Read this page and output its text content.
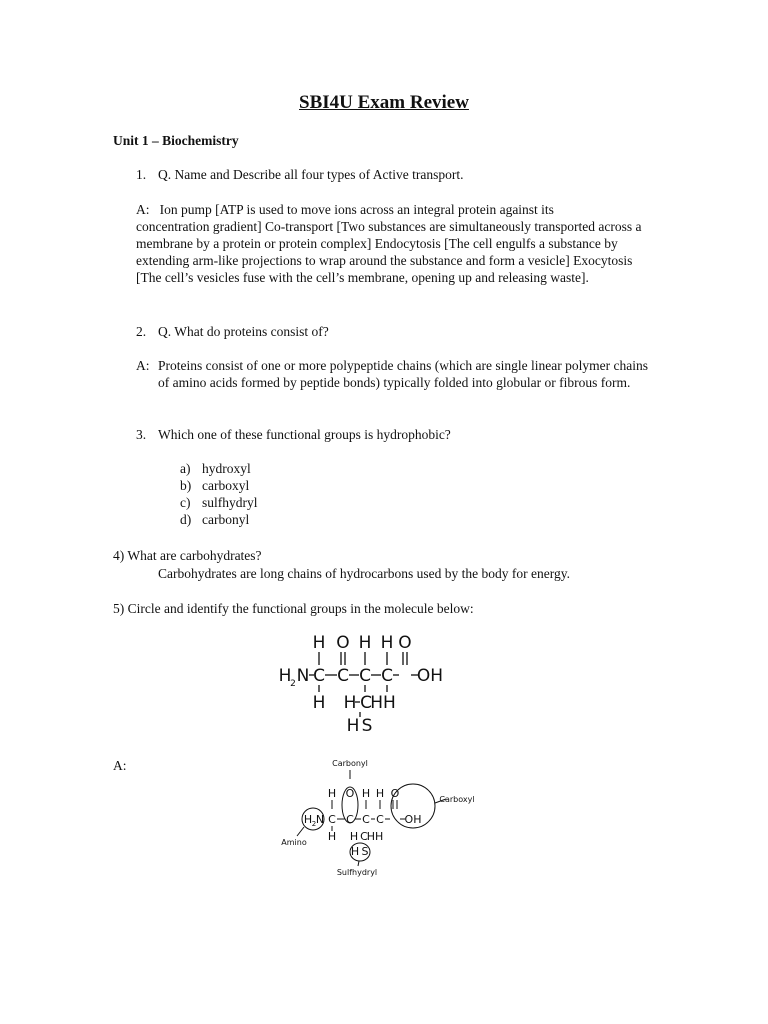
SBI4U Exam Review
Unit 1 – Biochemistry
1. Q. Name and Describe all four types of Active transport.
A: Ion pump [ATP is used to move ions across an integral protein against its
concentration gradient] Co-transport [Two substances are simultaneously transported across a membrane by a protein or protein complex] Endocytosis [The cell engulfs a substance by extending arm-like projections to wrap around the substance and form a vesicle] Exocytosis [The cell’s vesicles fuse with the cell’s membrane, opening up and releasing waste].
2. Q. What do proteins consist of?
A: Proteins consist of one or more polypeptide chains (which are single linear polymer chains of amino acids formed by peptide bonds) typically folded into globular or fibrous form.
3. Which one of these functional groups is hydrophobic?
a) hydroxyl
b) carboxyl
c) sulfhydryl
d) carbonyl
4) What are carbohydrates?
Carbohydrates are long chains of hydrocarbons used by the body for energy.
5) Circle and identify the functional groups in the molecule below:
H O H H O
H
2 N C C C C OH
H H C
HH
H S
A:	Carbonyl
Carboxyl
Amino
Sulfhydryl
H O H H O
H 2 N C C C C OH
H H C
HH
H S
